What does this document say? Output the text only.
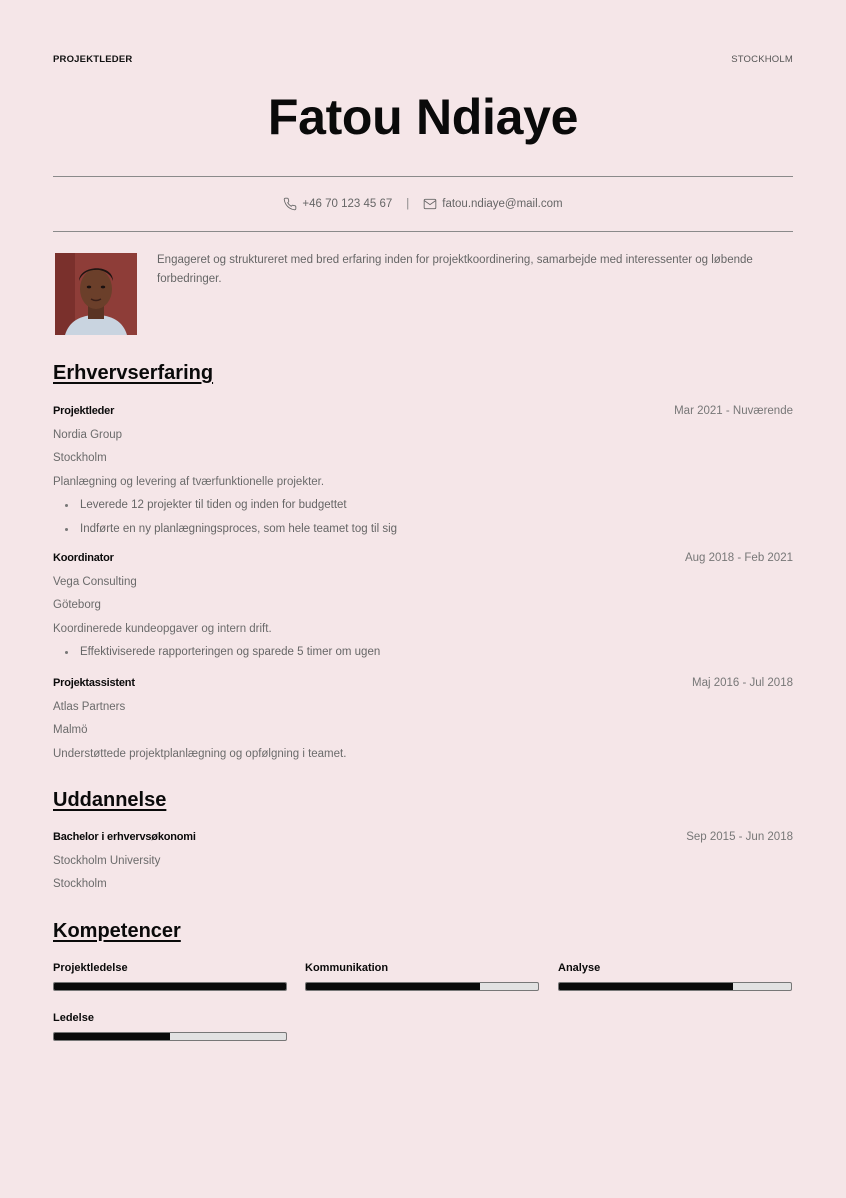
PROJEKTLEDER	STOCKHOLM
Fatou Ndiaye
+46 70 123 45 67 |	fatou.ndiaye@mail.com
Engageret og struktureret med bred erfaring inden for projektkoordinering, samarbejde med interessenter og løbende forbedringer.
Erhvervserfaring
Projektleder	Mar 2021 - Nuværende
Nordia Group
Stockholm
Planlægning og levering af tværfunktionelle projekter.
Leverede 12 projekter til tiden og inden for budgettet
Indførte en ny planlægningsproces, som hele teamet tog til sig
Koordinator	Aug 2018 - Feb 2021
Vega Consulting
Göteborg
Koordinerede kundeopgaver og intern drift.
Effektiviserede rapporteringen og sparede 5 timer om ugen
Projektassistent	Maj 2016 - Jul 2018
Atlas Partners
Malmö
Understøttede projektplanlægning og opfølgning i teamet.
Uddannelse
Bachelor i erhvervsøkonomi	Sep 2015 - Jun 2018
Stockholm University
Stockholm
Kompetencer
Projektledelse	Kommunikation	Analyse
Ledelse
